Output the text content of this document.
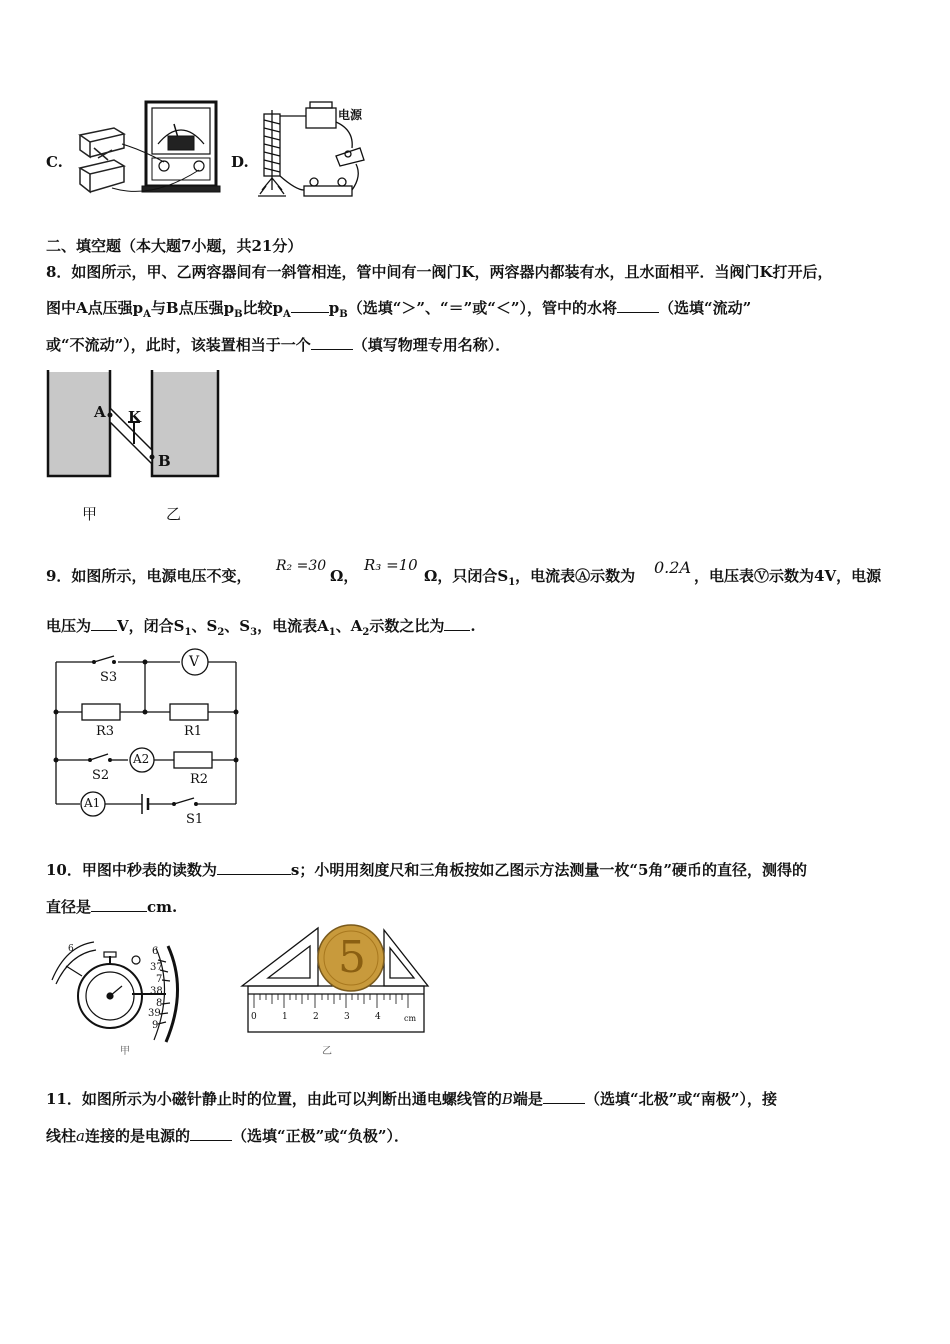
C.	D.
电源
二、填空题（本大题7小题，共21分）
8．如图所示，甲、乙两容器间有一斜管相连，管中间有一阀门K，两容器内都装有水，且水面相平．当阀门K打开后，
图中A点压强$p_A$与B点压强$p_B$比较$p_A$	$p_B$（选填“＞”、“＝”或“＜”），管中的水将	（选填“流动”
或“不流动”），此时，该装置相当于一个	（填写物理专用名称）．
A K
B
甲	乙
9．如图所示，电源电压不变，
R₂ =30
Ω，
R₃ =10
Ω，只闭合$S_1$，电流表Ⓐ示数为 0.2A ，电压表Ⓥ示数为4V，电源
电压为 V，闭合$S_1$、$S_2$、$S_3$，电流表$A_1$、$A_2$示数之比为 .
S3
V
R3	R1
S2
A2
R2
A1
S1
10．甲图中秒表的读数为	s；小明用刻度尺和三角板按如乙图示方法测量一枚“5角”硬币的直径，测得的
直径是	cm.
6	6
37
7
38
8
39
9
甲
5
0	1	2	3	4	cm
乙
11．如图所示为小磁针静止时的位置，由此可以判断出通电螺线管的B端是	（选填“北极”或“南极”），接
线柱a连接的是电源的	（选填“正极”或“负极”）．
